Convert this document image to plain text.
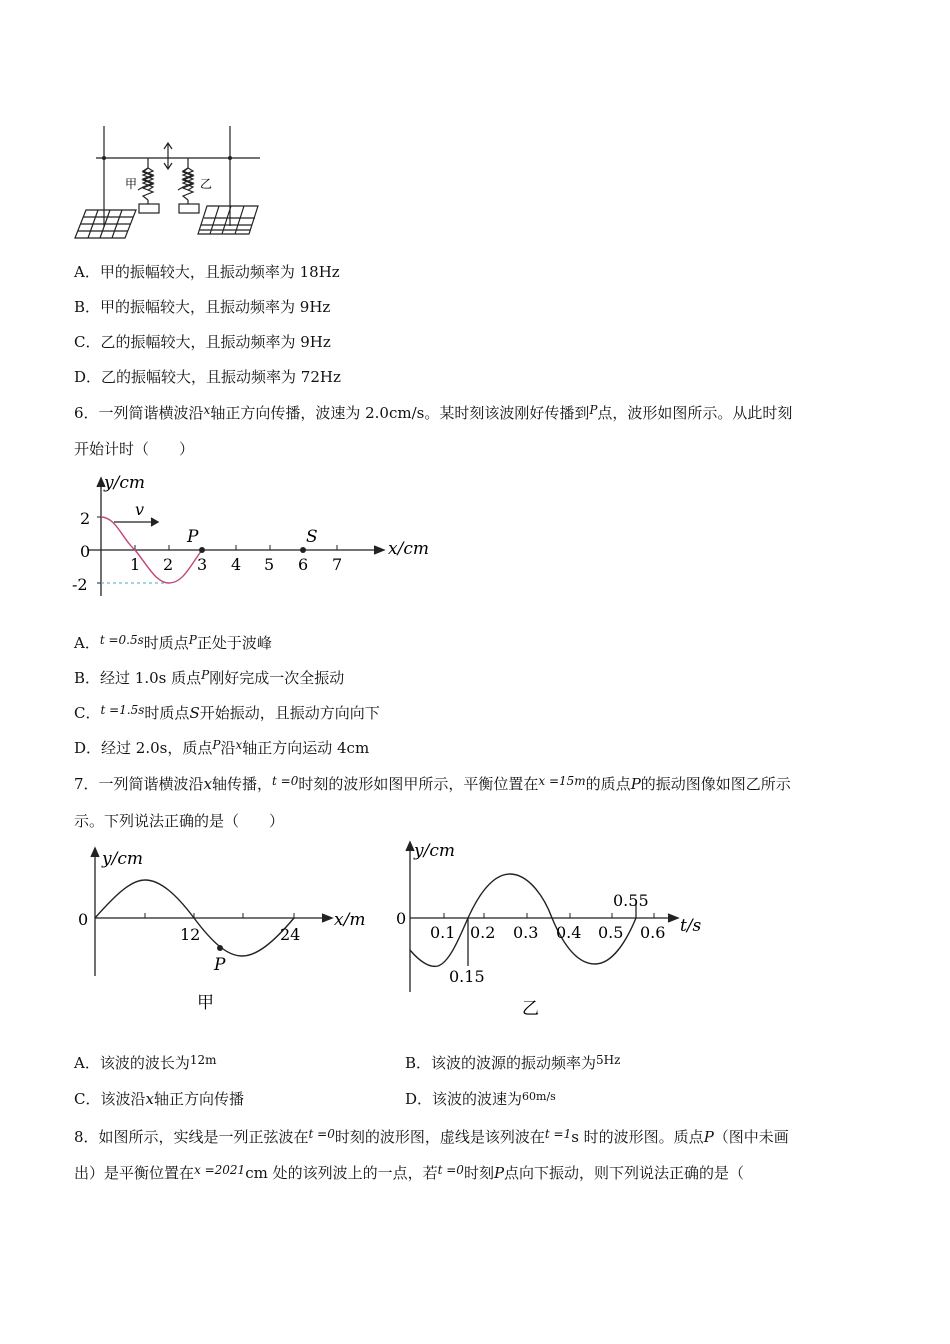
甲	乙
A．甲的振幅较大，且振动频率为 18Hz
B．甲的振幅较大，且振动频率为 9Hz
C．乙的振幅较大，且振动频率为 9Hz
D．乙的振幅较大，且振动频率为 72Hz
6．一列简谐横波沿$^x$轴正方向传播，波速为 2.0cm/s。某时刻该波刚好传播到$^P$点，波形如图所示。从此时刻
开始计时（　　）
y/cm
x/cm
v
P	S
2
0
-2
1 2 3 4 5 6 7
A．$^{t =0.5s}$时质点$^P$正处于波峰
B．经过 1.0s 质点$^P$刚好完成一次全振动
C．$^{t =1.5s}$时质点S开始振动，且振动方向向下
D．经过 2.0s，质点$^P$沿$^x$轴正方向运动 4cm
7．一列简谐横波沿x轴传播，$^{t =0}$时刻的波形如图甲所示，平衡位置在$^{x =15m}$的质点P的振动图像如图乙所示
示。下列说法正确的是（　　）
y/cm
x/m
0
12	24
P
甲
y/cm
t/s
0
0.1 0.2 0.3 0.4 0.5 0.6
0.55
0.15
乙
A．该波的波长为$^{12m}$	B．该波的波源的振动频率为$^{5Hz}$
C．该波沿x轴正方向传播	D．该波的波速为$^{60m/s}$
8．如图所示，实线是一列正弦波在$^{t =0}$时刻的波形图，虚线是该列波在$^{t =1}$s 时的波形图。质点P（图中未画
出）是平衡位置在$^{x =2021}$cm 处的该列波上的一点，若$^{t =0}$时刻P点向下振动，则下列说法正确的是（
